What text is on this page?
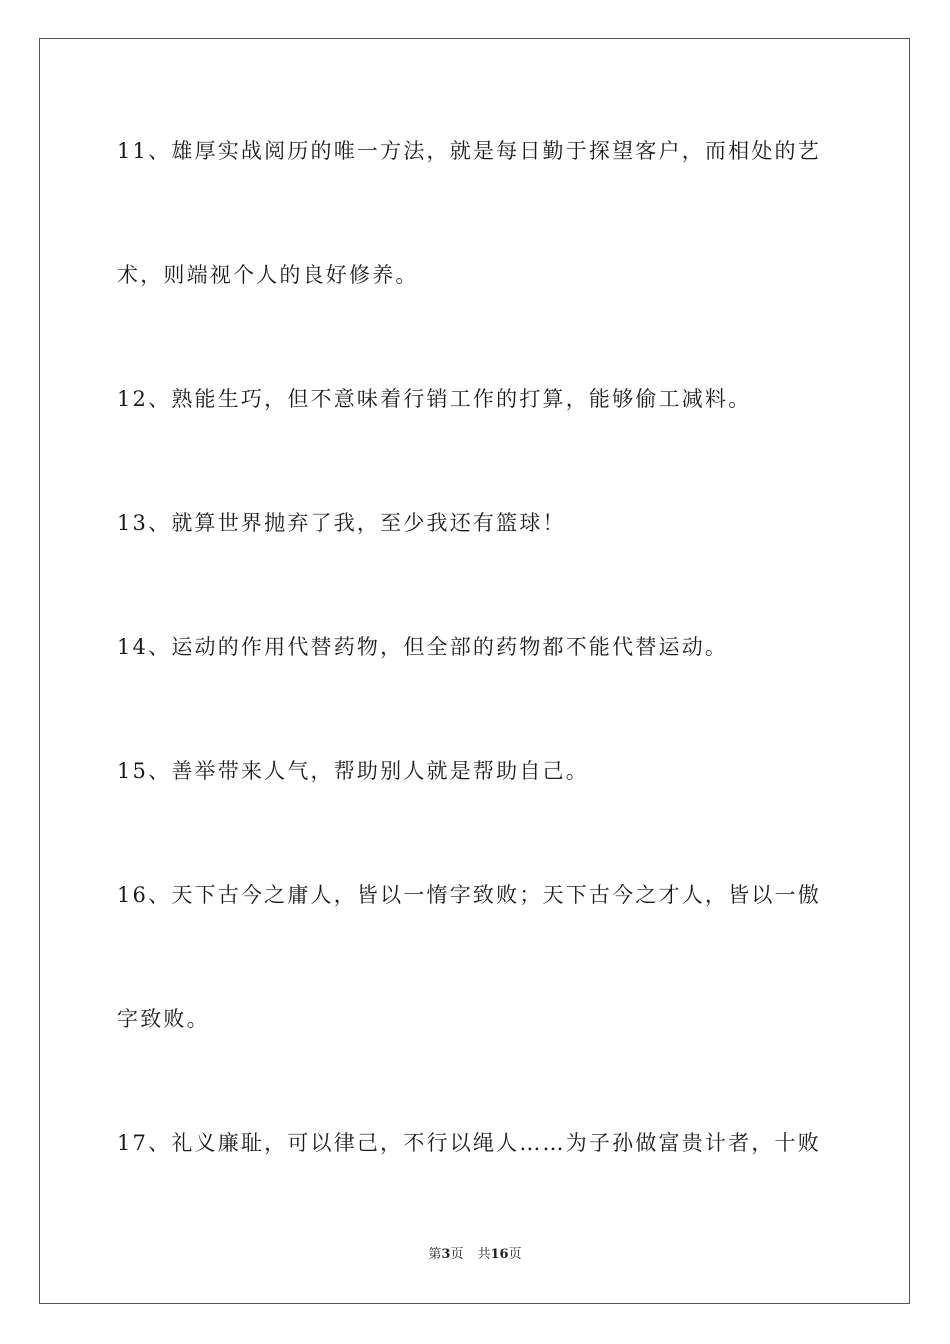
11、雄厚实战阅历的唯一方法，就是每日勤于探望客户，而相处的艺
术，则端视个人的良好修养。
12、熟能生巧，但不意味着行销工作的打算，能够偷工减料。
13、就算世界抛弃了我，至少我还有篮球！
14、运动的作用代替药物，但全部的药物都不能代替运动。
15、善举带来人气，帮助别人就是帮助自己。
16、天下古今之庸人，皆以一惰字致败；天下古今之才人，皆以一傲
字致败。
17、礼义廉耻，可以律己，不行以绳人……为子孙做富贵计者，十败
第3页 共16页
